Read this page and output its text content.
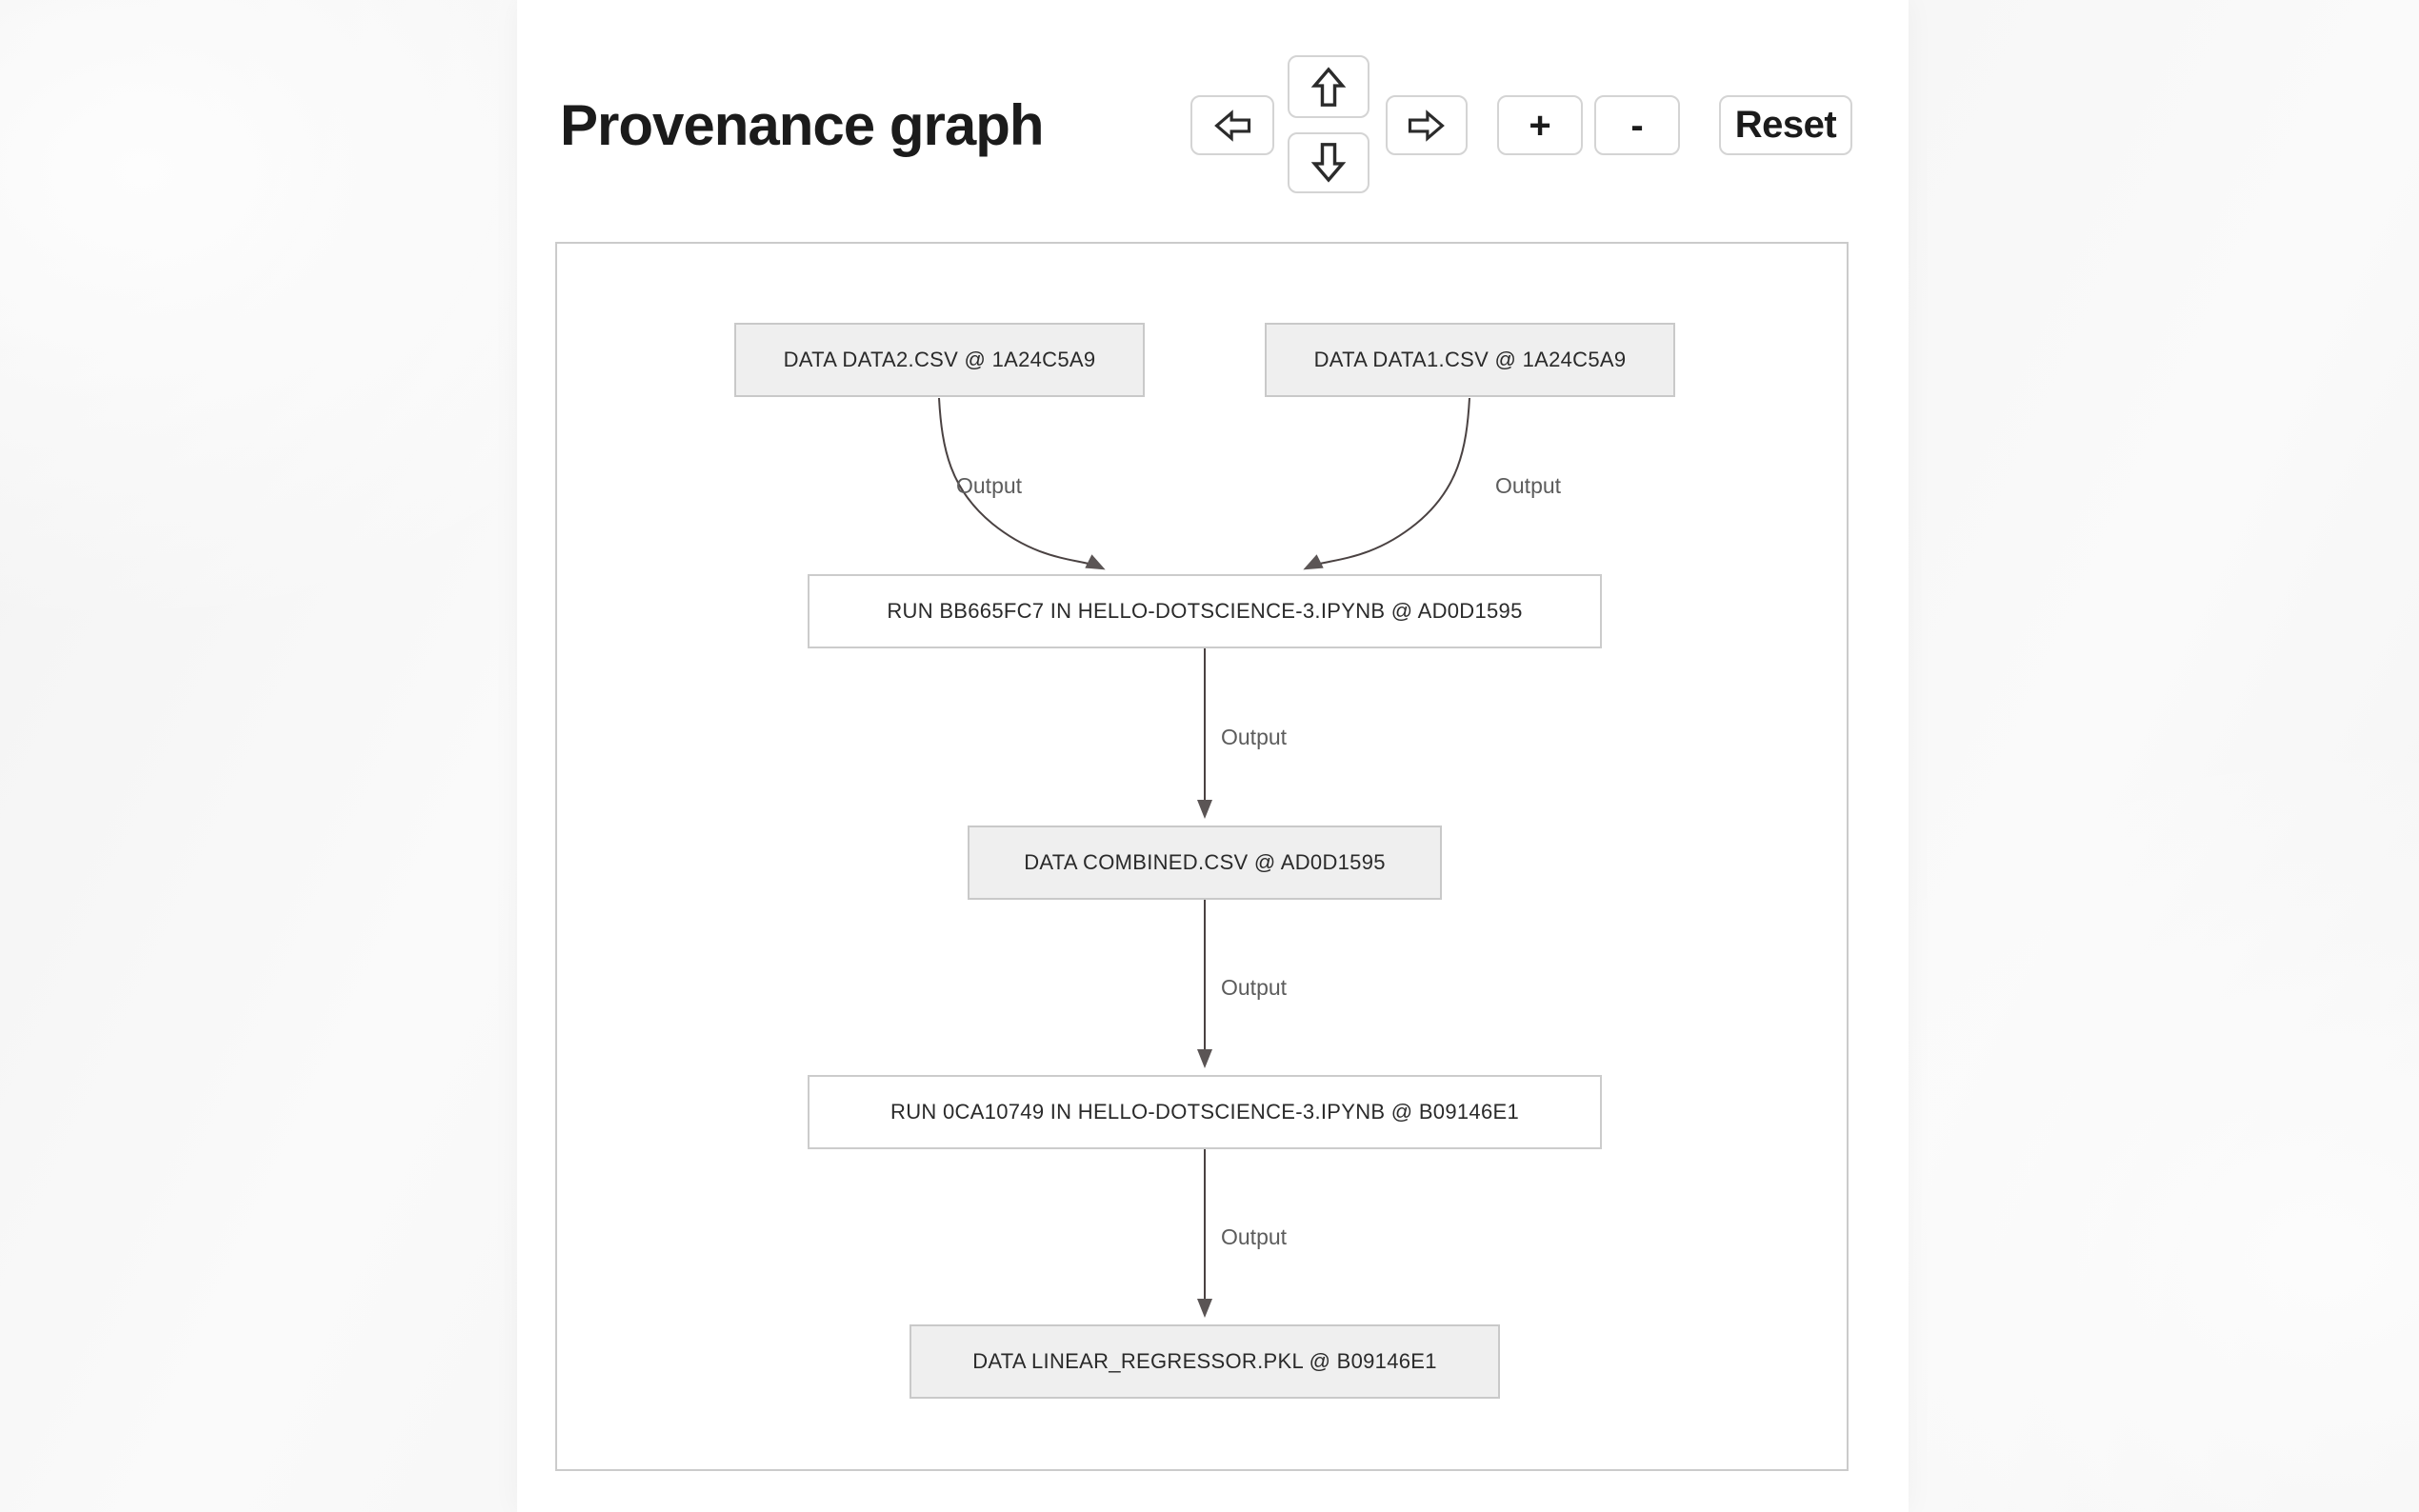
Provenance graph	+	-	Reset
DATA DATA2.CSV @ 1A24C5A9	DATA DATA1.CSV @ 1A24C5A9
RUN BB665FC7 IN HELLO-DOTSCIENCE-3.IPYNB @ AD0D1595
DATA COMBINED.CSV @ AD0D1595
RUN 0CA10749 IN HELLO-DOTSCIENCE-3.IPYNB @ B09146E1
DATA LINEAR_REGRESSOR.PKL @ B09146E1
Output	Output
Output
Output
Output
